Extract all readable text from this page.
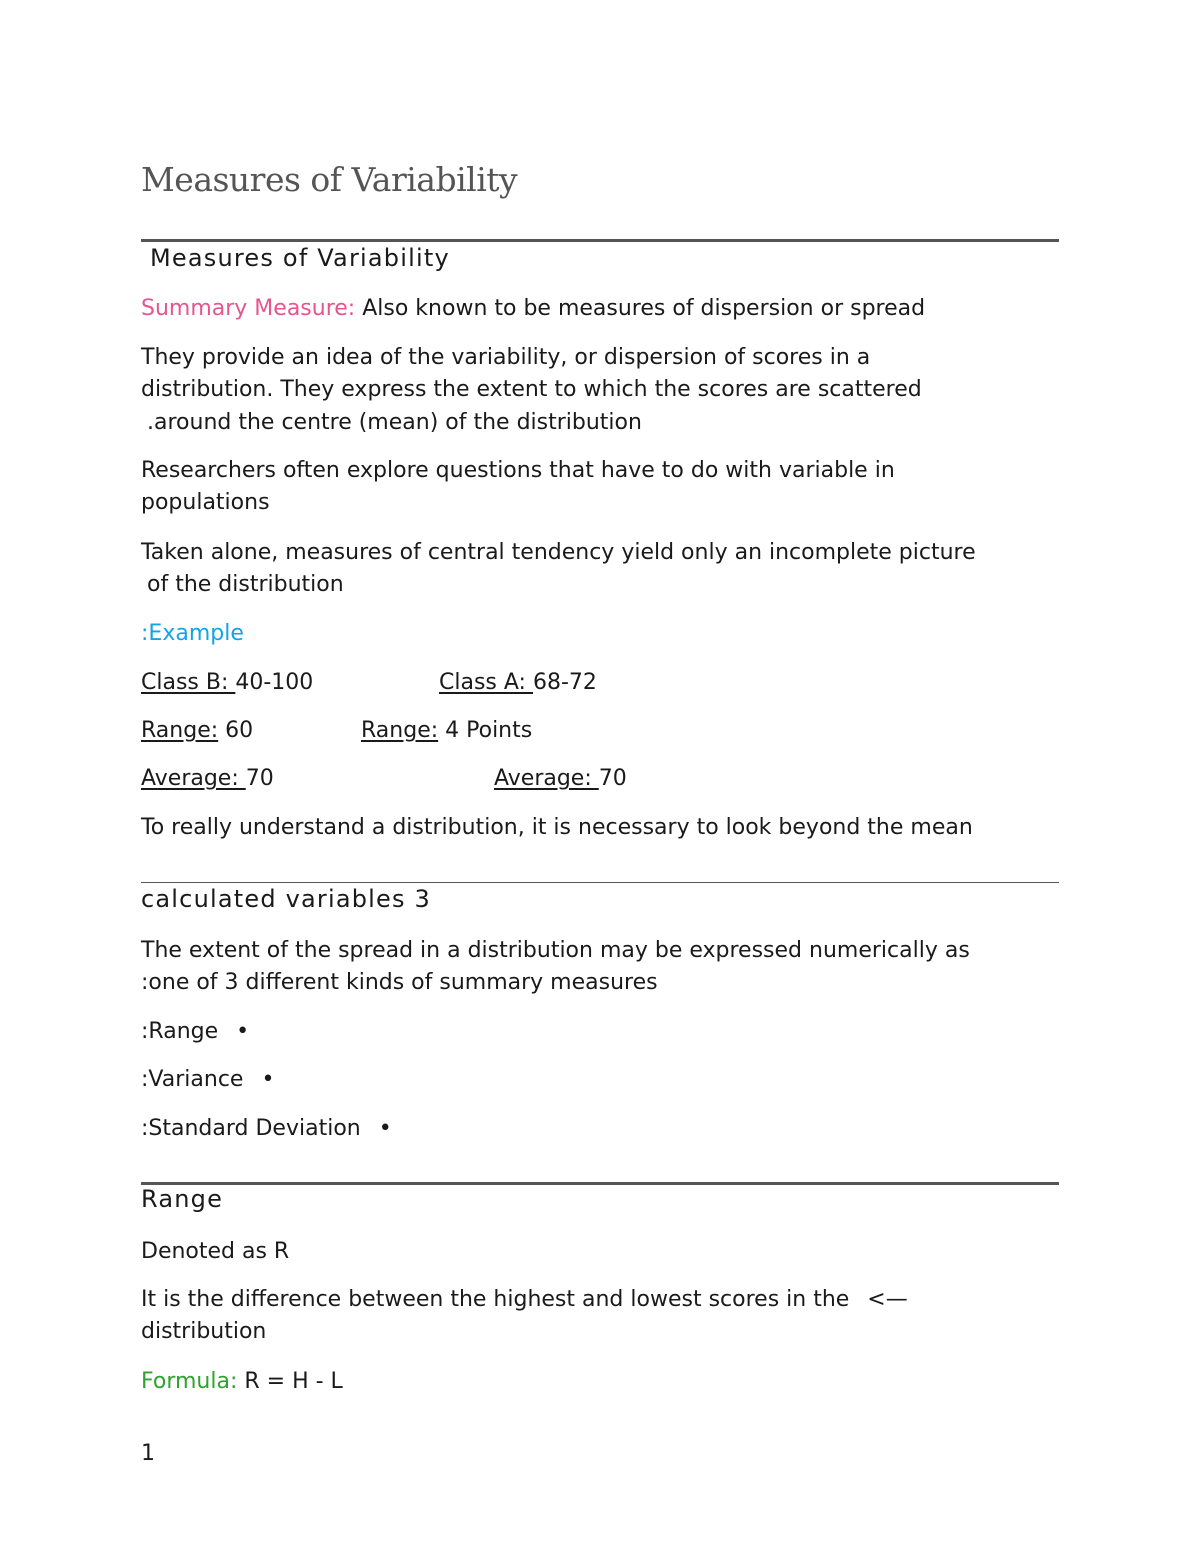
Measures of Variability
Measures of Variability
Summary Measure: Also known to be measures of dispersion or spread
They provide an idea of the variability, or dispersion of scores in a
distribution. They express the extent to which the scores are scattered
.around the centre (mean) of the distribution
Researchers often explore questions that have to do with variable in
populations
Taken alone, measures of central tendency yield only an incomplete picture
of the distribution
:Example
Class B: 40-100	Class A: 68-72
Range: 60	Range: 4 Points
Average: 70	Average: 70
To really understand a distribution, it is necessary to look beyond the mean
calculated variables 3
The extent of the spread in a distribution may be expressed numerically as
:one of 3 different kinds of summary measures
:Range •
:Variance •
:Standard Deviation •
Range
Denoted as R
It is the difference between the highest and lowest scores in the <—
distribution
Formula: R = H - L
1
